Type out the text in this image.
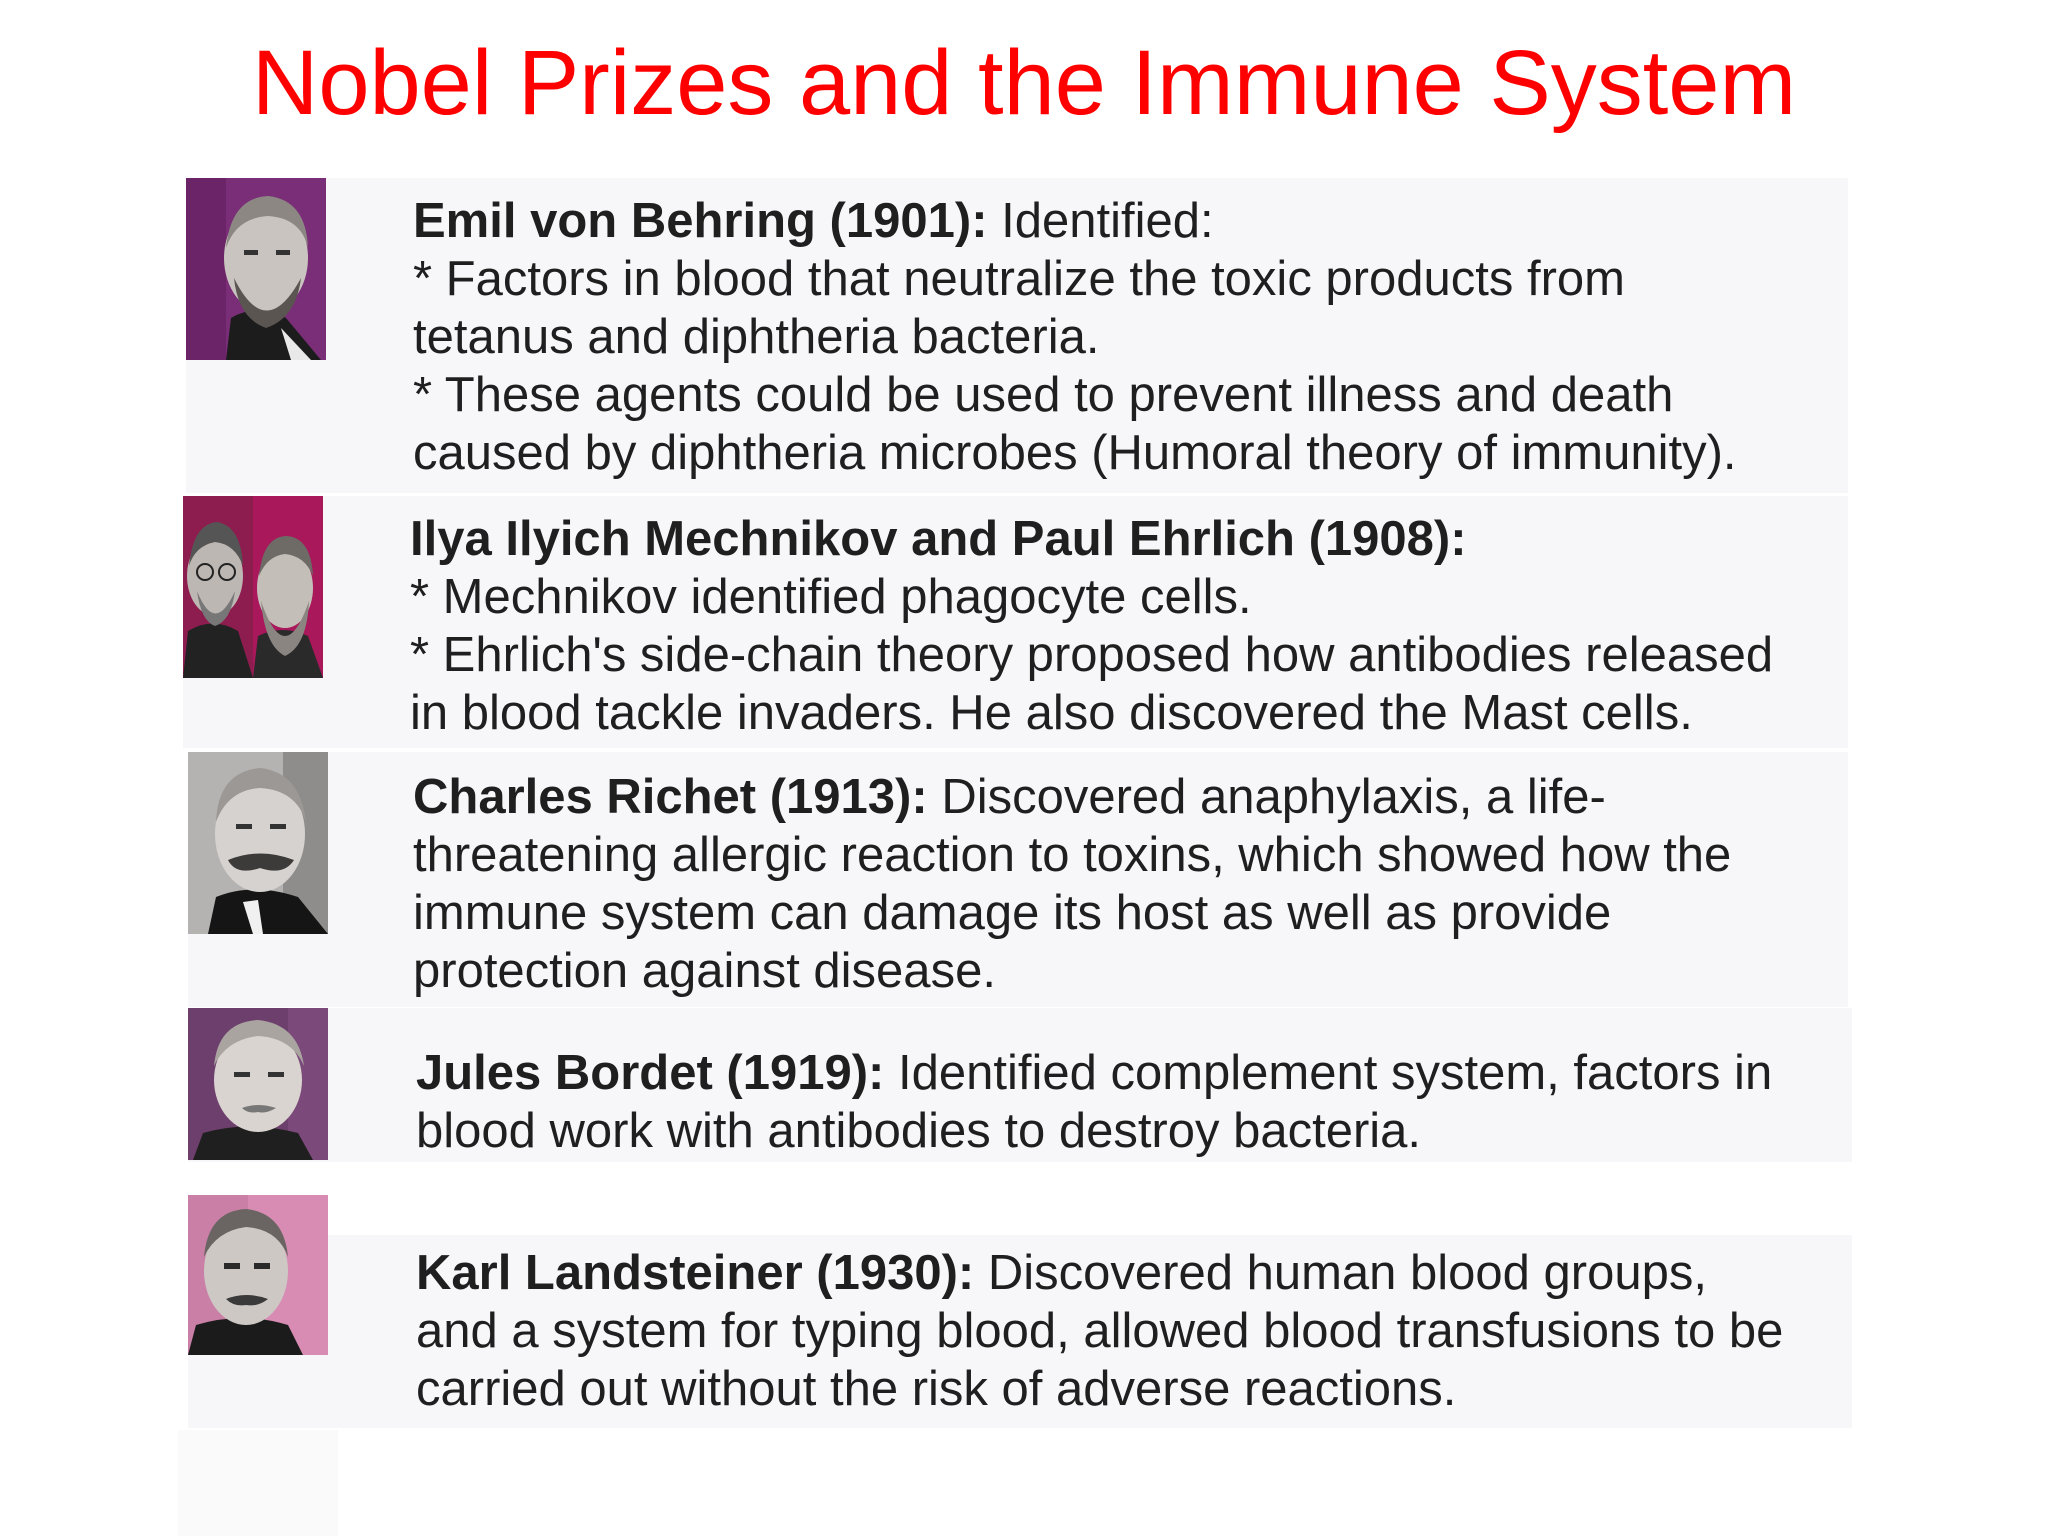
Nobel Prizes and the Immune System
Emil von Behring (1901): Identified:
* Factors in blood that neutralize the toxic products from
tetanus and diphtheria bacteria.
* These agents could be used to prevent illness and death
caused by diphtheria microbes (Humoral theory of immunity).
Ilya Ilyich Mechnikov and Paul Ehrlich (1908):
* Mechnikov identified phagocyte cells.
* Ehrlich's side-chain theory proposed how antibodies released
in blood tackle invaders. He also discovered the Mast cells.
Charles Richet (1913): Discovered anaphylaxis, a life-
threatening allergic reaction to toxins, which showed how the
immune system can damage its host as well as provide
protection against disease.
Jules Bordet (1919): Identified complement system, factors in
blood work with antibodies to destroy bacteria.
Karl Landsteiner (1930): Discovered human blood groups,
and a system for typing blood, allowed blood transfusions to be
carried out without the risk of adverse reactions.
